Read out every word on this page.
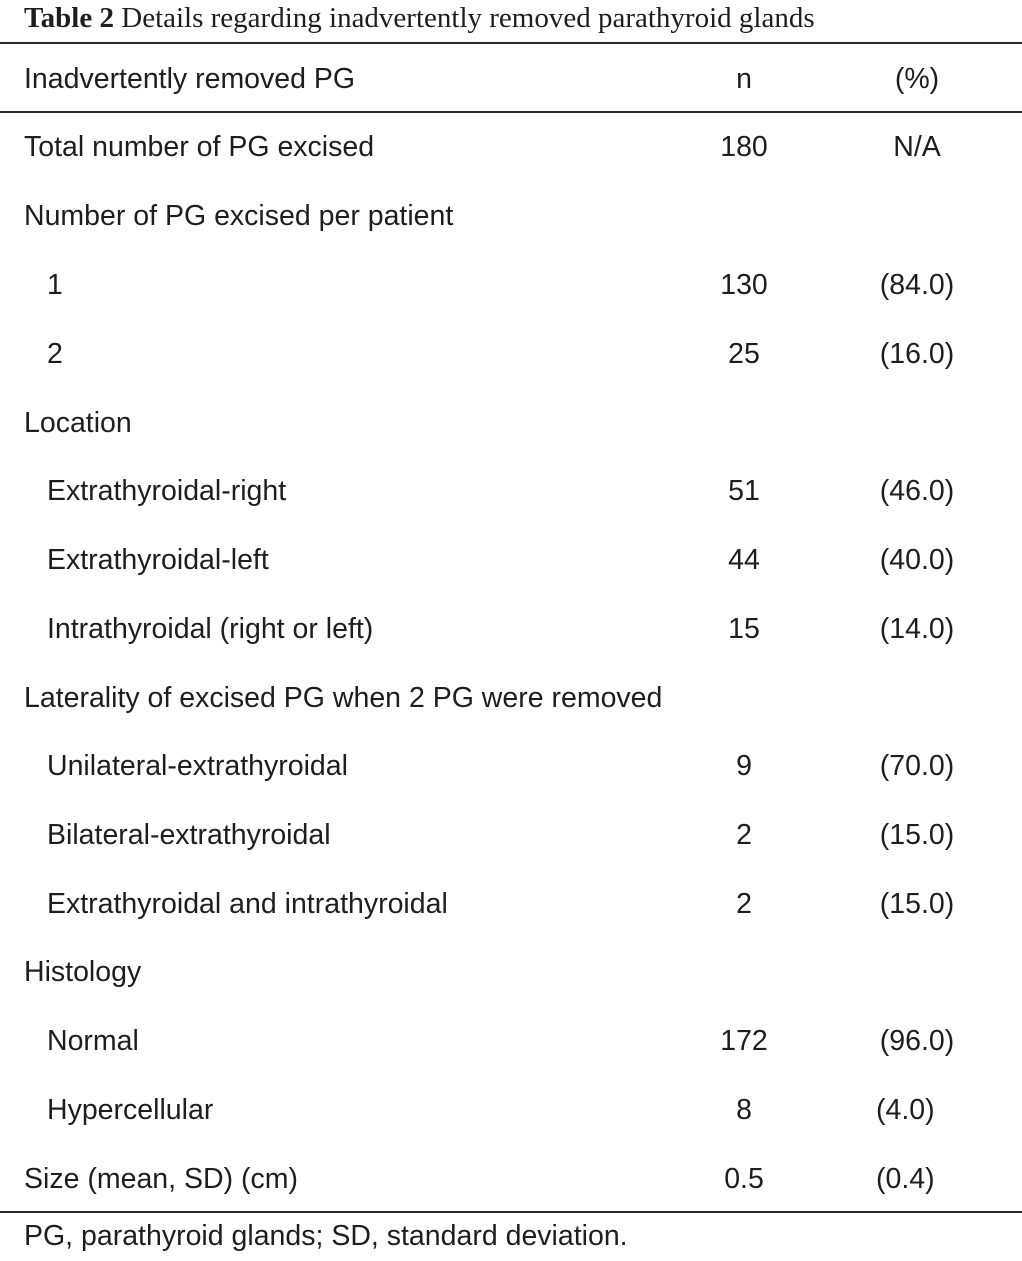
Table 2 Details regarding inadvertently removed parathyroid glands
Inadvertently removed PG	n	(%)
Total number of PG excised	180	N/A
Number of PG excised per patient
1	130	(84.0)
2	25	(16.0)
Location
Extrathyroidal-right	51	(46.0)
Extrathyroidal-left	44	(40.0)
Intrathyroidal (right or left)	15	(14.0)
Laterality of excised PG when 2 PG were removed
Unilateral-extrathyroidal	9	(70.0)
Bilateral-extrathyroidal	2	(15.0)
Extrathyroidal and intrathyroidal	2	(15.0)
Histology
Normal	172	(96.0)
Hypercellular	8	(4.0)
Size (mean, SD) (cm)	0.5	(0.4)
PG, parathyroid glands; SD, standard deviation.
